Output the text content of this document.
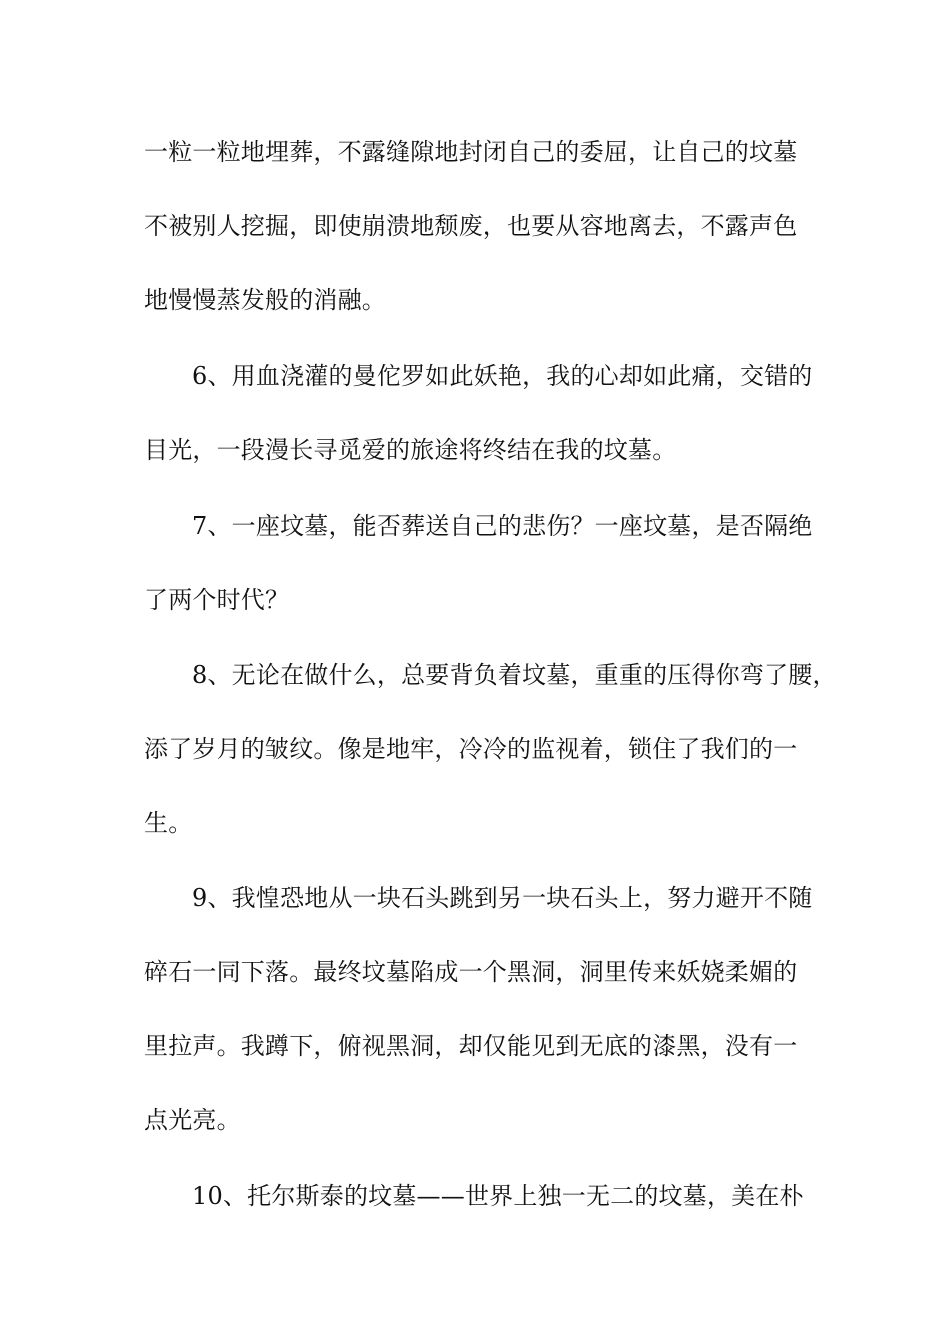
一粒一粒地埋葬，不露缝隙地封闭自己的委屈，让自己的坟墓
不被别人挖掘，即使崩溃地颓废，也要从容地离去，不露声色
地慢慢蒸发般的消融。
6、用血浇灌的曼佗罗如此妖艳，我的心却如此痛，交错的
目光，一段漫长寻觅爱的旅途将终结在我的坟墓。
7、一座坟墓，能否葬送自己的悲伤？一座坟墓，是否隔绝
了两个时代？
8、无论在做什么，总要背负着坟墓，重重的压得你弯了腰，
添了岁月的皱纹。像是地牢，冷冷的监视着，锁住了我们的一
生。
9、我惶恐地从一块石头跳到另一块石头上，努力避开不随
碎石一同下落。最终坟墓陷成一个黑洞，洞里传来妖娆柔媚的
里拉声。我蹲下，俯视黑洞，却仅能见到无底的漆黑，没有一
点光亮。
10、托尔斯泰的坟墓——世界上独一无二的坟墓，美在朴
